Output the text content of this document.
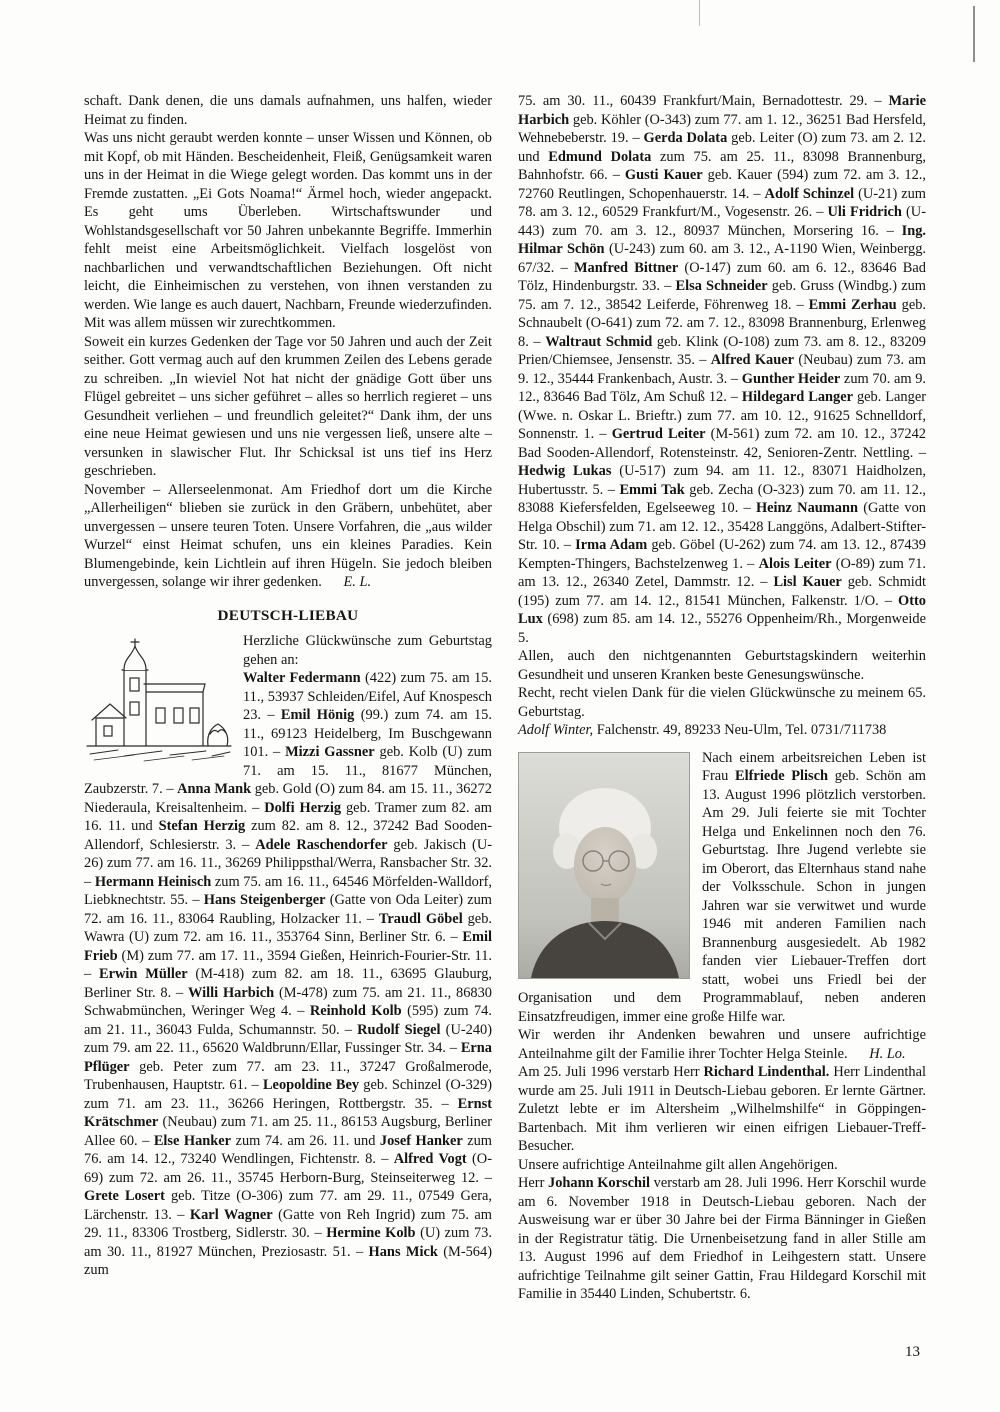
schaft. Dank denen, die uns damals aufnahmen, uns halfen, wieder Heimat zu finden.

Was uns nicht geraubt werden konnte – unser Wissen und Können, ob mit Kopf, ob mit Händen. Bescheidenheit, Fleiß, Genügsamkeit waren uns in der Heimat in die Wiege gelegt worden. Das kommt uns in der Fremde zustatten. „Ei Gots Noama!“ Ärmel hoch, wieder angepackt. Es geht ums Überleben. Wirtschaftswunder und Wohlstandsgesellschaft vor 50 Jahren unbekannte Begriffe. Immerhin fehlt meist eine Arbeitsmöglichkeit. Vielfach losgelöst von nachbarlichen und verwandtschaftlichen Beziehungen. Oft nicht leicht, die Einheimischen zu verstehen, von ihnen verstanden zu werden. Wie lange es auch dauert, Nachbarn, Freunde wiederzufinden. Mit was allem müssen wir zurechtkommen.

Soweit ein kurzes Gedenken der Tage vor 50 Jahren und auch der Zeit seither. Gott vermag auch auf den krummen Zeilen des Lebens gerade zu schreiben. „In wieviel Not hat nicht der gnädige Gott über uns Flügel gebreitet – uns sicher geführet – alles so herrlich regieret – uns Gesundheit verliehen – und freundlich geleitet?“ Dank ihm, der uns eine neue Heimat gewiesen und uns nie vergessen ließ, unsere alte – versunken in slawischer Flut. Ihr Schicksal ist uns tief ins Herz geschrieben.

November – Allerseelenmonat. Am Friedhof dort um die Kirche „Allerheiligen“ blieben sie zurück in den Gräbern, unbehütet, aber unvergessen – unsere teuren Toten. Unsere Vorfahren, die „aus wilder Wurzel“ einst Heimat schufen, uns ein kleines Paradies. Kein Blumengebinde, kein Lichtlein auf ihren Hügeln. Sie jedoch bleiben unvergessen, solange wir ihrer gedenken.  E. L.

DEUTSCH-LIEBAU

Herzliche Glückwünsche zum Geburtstag gehen an:

Walter Federmann (422) zum 75. am 15. 11., 53937 Schleiden/Eifel, Auf Knospesch 23. – Emil Hönig (99.) zum 74. am 15. 11., 69123 Heidelberg, Im Buschgewann 101. – Mizzi Gassner geb. Kolb (U) zum 71. am 15. 11., 81677 München, Zaubzerstr. 7. – Anna Mank geb. Gold (O) zum 84. am 15. 11., 36272 Niederaula, Kreisaltenheim. – Dolfi Herzig geb. Tramer zum 82. am 16. 11. und Stefan Herzig zum 82. am 8. 12., 37242 Bad Sooden-Allendorf, Schlesierstr. 3. – Adele Raschendorfer geb. Jakisch (U-26) zum 77. am 16. 11., 36269 Philippsthal/Werra, Ransbacher Str. 32. – Hermann Heinisch zum 75. am 16. 11., 64546 Mörfelden-Walldorf, Liebknechtstr. 55. – Hans Steigenberger (Gatte von Oda Leiter) zum 72. am 16. 11., 83064 Raubling, Holzacker 11. – Traudl Göbel geb. Wawra (U) zum 72. am 16. 11., 353764 Sinn, Berliner Str. 6. – Emil Frieb (M) zum 77. am 17. 11., 3594 Gießen, Heinrich-Fourier-Str. 11. – Erwin Müller (M-418) zum 82. am 18. 11., 63695 Glauburg, Berliner Str. 8. – Willi Harbich (M-478) zum 75. am 21. 11., 86830 Schwabmünchen, Weringer Weg 4. – Reinhold Kolb (595) zum 74. am 21. 11., 36043 Fulda, Schumannstr. 50. – Rudolf Siegel (U-240) zum 79. am 22. 11., 65620 Waldbrunn/Ellar, Fussinger Str. 34. – Erna Pflüger geb. Peter zum 77. am 23. 11., 37247 Großalmerode, Trubenhausen, Hauptstr. 61. – Leopoldine Bey geb. Schinzel (O-329) zum 71. am 23. 11., 36266 Heringen, Rottbergstr. 35. – Ernst Krätschmer (Neubau) zum 71. am 25. 11., 86153 Augsburg, Berliner Allee 60. – Else Hanker zum 74. am 26. 11. und Josef Hanker zum 76. am 14. 12., 73240 Wendlingen, Fichtenstr. 8. – Alfred Vogt (O-69) zum 72. am 26. 11., 35745 Herborn-Burg, Steinseiterweg 12. – Grete Losert geb. Titze (O-306) zum 77. am 29. 11., 07549 Gera, Lärchenstr. 13. – Karl Wagner (Gatte von Reh Ingrid) zum 75. am 29. 11., 83306 Trostberg, Sidlerstr. 30. – Hermine Kolb (U) zum 73. am 30. 11., 81927 München, Preziosastr. 51. – Hans Mick (M-564) zum

75. am 30. 11., 60439 Frankfurt/Main, Bernadottestr. 29. – Marie Harbich geb. Köhler (O-343) zum 77. am 1. 12., 36251 Bad Hersfeld, Wehnebeberstr. 19. – Gerda Dolata geb. Leiter (O) zum 73. am 2. 12. und Edmund Dolata zum 75. am 25. 11., 83098 Brannenburg, Bahnhofstr. 66. – Gusti Kauer geb. Kauer (594) zum 72. am 3. 12., 72760 Reutlingen, Schopenhauerstr. 14. – Adolf Schinzel (U-21) zum 78. am 3. 12., 60529 Frankfurt/M., Vogesenstr. 26. – Uli Fridrich (U-443) zum 70. am 3. 12., 80937 München, Morsering 16. – Ing. Hilmar Schön (U-243) zum 60. am 3. 12., A-1190 Wien, Weinbergg. 67/32. – Manfred Bittner (O-147) zum 60. am 6. 12., 83646 Bad Tölz, Hindenburgstr. 33. – Elsa Schneider geb. Gruss (Windbg.) zum 75. am 7. 12., 38542 Leiferde, Föhrenweg 18. – Emmi Zerhau geb. Schnaubelt (O-641) zum 72. am 7. 12., 83098 Brannenburg, Erlenweg 8. – Waltraut Schmid geb. Klink (O-108) zum 73. am 8. 12., 83209 Prien/Chiemsee, Jensenstr. 35. – Alfred Kauer (Neubau) zum 73. am 9. 12., 35444 Frankenbach, Austr. 3. – Gunther Heider zum 70. am 9. 12., 83646 Bad Tölz, Am Schuß 12. – Hildegard Langer geb. Langer (Wwe. n. Oskar L. Brieftr.) zum 77. am 10. 12., 91625 Schnelldorf, Sonnenstr. 1. – Gertrud Leiter (M-561) zum 72. am 10. 12., 37242 Bad Sooden-Allendorf, Rotensteinstr. 42, Senioren-Zentr. Nettling. – Hedwig Lukas (U-517) zum 94. am 11. 12., 83071 Haidholzen, Hubertusstr. 5. – Emmi Tak geb. Zecha (O-323) zum 70. am 11. 12., 83088 Kiefersfelden, Egelseeweg 10. – Heinz Naumann (Gatte von Helga Obschil) zum 71. am 12. 12., 35428 Langgöns, Adalbert-Stifter-Str. 10. – Irma Adam geb. Göbel (U-262) zum 74. am 13. 12., 87439 Kempten-Thingers, Bachstelzenweg 1. – Alois Leiter (O-89) zum 71. am 13. 12., 26340 Zetel, Dammstr. 12. – Lisl Kauer geb. Schmidt (195) zum 77. am 14. 12., 81541 München, Falkenstr. 1/O. – Otto Lux (698) zum 85. am 14. 12., 55276 Oppenheim/Rh., Morgenweide 5.

Allen, auch den nichtgenannten Geburtstagskindern weiterhin Gesundheit und unseren Kranken beste Genesungswünsche.

Recht, recht vielen Dank für die vielen Glückwünsche zu meinem 65. Geburtstag.

Adolf Winter, Falchenstr. 49, 89233 Neu-Ulm, Tel. 0731/711738

Nach einem arbeitsreichen Leben ist Frau Elfriede Plisch geb. Schön am 13. August 1996 plötzlich verstorben. Am 29. Juli feierte sie mit Tochter Helga und Enkelinnen noch den 76. Geburtstag. Ihre Jugend verlebte sie im Oberort, das Elternhaus stand nahe der Volksschule. Schon in jungen Jahren war sie verwitwet und wurde 1946 mit anderen Familien nach Brannenburg ausgesiedelt. Ab 1982 fanden vier Liebauer-Treffen dort statt, wobei uns Friedl bei der Organisation und dem Programmablauf, neben anderen Einsatzfreudigen, immer eine große Hilfe war.

Wir werden ihr Andenken bewahren und unsere aufrichtige Anteilnahme gilt der Familie ihrer Tochter Helga Steinle.  H. Lo.

Am 25. Juli 1996 verstarb Herr Richard Lindenthal. Herr Lindenthal wurde am 25. Juli 1911 in Deutsch-Liebau geboren. Er lernte Gärtner. Zuletzt lebte er im Altersheim „Wilhelmshilfe“ in Göppingen-Bartenbach. Mit ihm verlieren wir einen eifrigen Liebauer-Treff-Besucher.

Unsere aufrichtige Anteilnahme gilt allen Angehörigen.

Herr Johann Korschil verstarb am 28. Juli 1996. Herr Korschil wurde am 6. November 1918 in Deutsch-Liebau geboren. Nach der Ausweisung war er über 30 Jahre bei der Firma Bänninger in Gießen in der Registratur tätig. Die Urnenbeisetzung fand in aller Stille am 13. August 1996 auf dem Friedhof in Leihgestern statt. Unsere aufrichtige Teilnahme gilt seiner Gattin, Frau Hildegard Korschil mit Familie in 35440 Linden, Schubertstr. 6.

13
